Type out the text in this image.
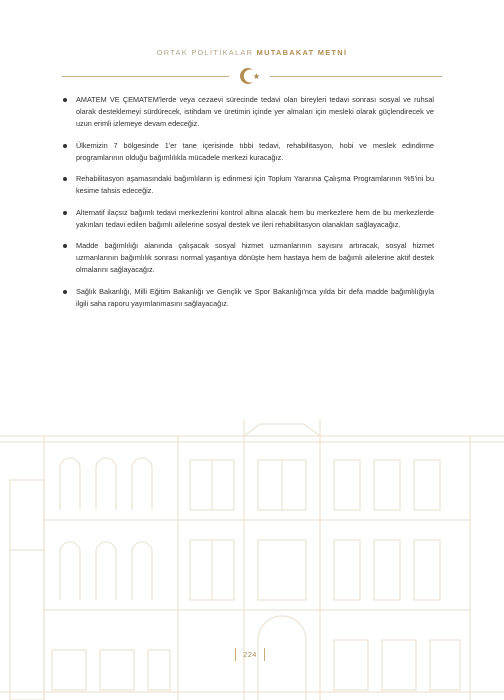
ORTAK POLİTİKALAR MUTABAKAT METNİ
AMATEM VE ÇEMATEM'lerde veya cezaevi sürecinde tedavi olan bireyleri tedavi sonrası sosyal ve ruhsal olarak desteklemeyi sürdürecek, istihdam ve üretimin içinde yer almaları için mesleki olarak güçlendirecek ve uzun erimli izlemeye devam edeceğiz.
Ülkemizin 7 bölgesinde 1'er tane içerisinde tıbbi tedavi, rehabilitasyon, hobi ve meslek edindirme programlarının olduğu bağımlılıkla mücadele merkezi kuracağız.
Rehabilitasyon aşamasındaki bağımlıların iş edinmesi için Toplum Yararına Çalışma Programlarının %5'ini bu kesime tahsis edeceğiz.
Alternatif ilaçsız bağımlı tedavi merkezlerini kontrol altına alacak hem bu merkezlere hem de bu merkezlerde yakınları tedavi edilen bağımlı ailelerine sosyal destek ve ileri rehabilitasyon olanakları sağlayacağız.
Madde bağımlılığı alanında çalışacak sosyal hizmet uzmanlarının sayısını artıracak, sosyal hizmet uzmanlarının bağımlılık sonrası normal yaşantıya dönüşte hem hastaya hem de bağımlı ailelerine aktif destek olmalarını sağlayacağız.
Sağlık Bakanlığı, Milli Eğitim Bakanlığı ve Gençlik ve Spor Bakanlığı'nca yılda bir defa madde bağımlılığıyla ilgili saha raporu yayımlanmasını sağlayacağız.
224
